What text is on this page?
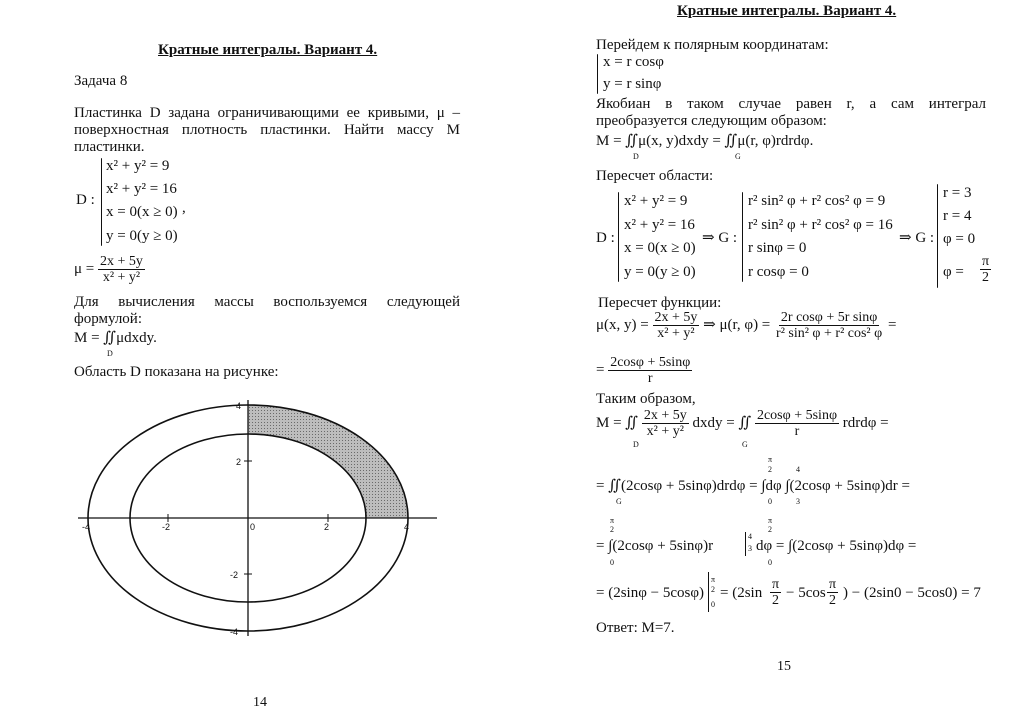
Кратные интегралы. Вариант 4.
Задача 8
Пластинка D задана ограничивающими ее кривыми, μ –
поверхностная плотность пластинки. Найти массу M
пластинки.
D :
x² + y² = 9
x² + y² = 16
x = 0(x ≥ 0)
y = 0(y ≥ 0)
,
$\mu = \frac{2x + 5y}{\text{x² + y²}}$
Для вычисления массы воспользуемся следующей
формулой:
M = ∬μdxdy.
D
Область D показана на рисунке:
-4	-2	0	2	4
4
2
-2
-4
14
Кратные интегралы. Вариант 4.
Перейдем к полярным координатам:
x = r cosφ
y = r sinφ
Якобиан в таком случае равен r, а сам интеграл
преобразуется следующим образом:
M = ∬μ(x, y)dxdy = ∬μ(r, φ)rdrdφ.
D	G
Пересчет области:
D :
x² + y² = 9
x² + y² = 16
x = 0(x ≥ 0)
y = 0(y ≥ 0)
⇒ G :
r² sin² φ + r² cos² φ = 9
r² sin² φ + r² cos² φ = 16
r sinφ = 0
r cosφ = 0
⇒ G :
r = 3
r = 4
φ = 0
$\varphi = \frac{\pi}{2}$
Пересчет функции:
μ(x, $y) = \frac{2x + 5y}{\text{x² + y²}}$ ⇒ μ(r, $\varphi) = \frac{\text{2r cosφ + 5r sinφ}}{\text{r² sin² φ + r² cos² φ}}$ =
= $\frac{2\cos\varphi + 5\sin\varphi}{r}$
Таким образом,
M = ∬ $\frac{2x + 5y}{\text{x² + y²}}$ dxdy = ∬ $\frac{2\cos\varphi + 5\sin\varphi}{r}$ rdrdφ =
D	G
= ∬(2cosφ + 5sinφ)drdφ = ∫dφ ∫(2cosφ + 5sinφ)dr =
G
π
2
0
4
3
= ∫(2cosφ + 5sinφ)r
4
3 dφ = ∫(2cosφ + 5sinφ)dφ =
π
2
0
π
2
0
= (2sinφ − 5cosφ)
π
2
0
= ($2\sin \frac{\pi}{2} - 5\cos \frac{\pi}{2}$ ) − (2sin0 − 5cos0) = 7
Ответ: M=7.
15
